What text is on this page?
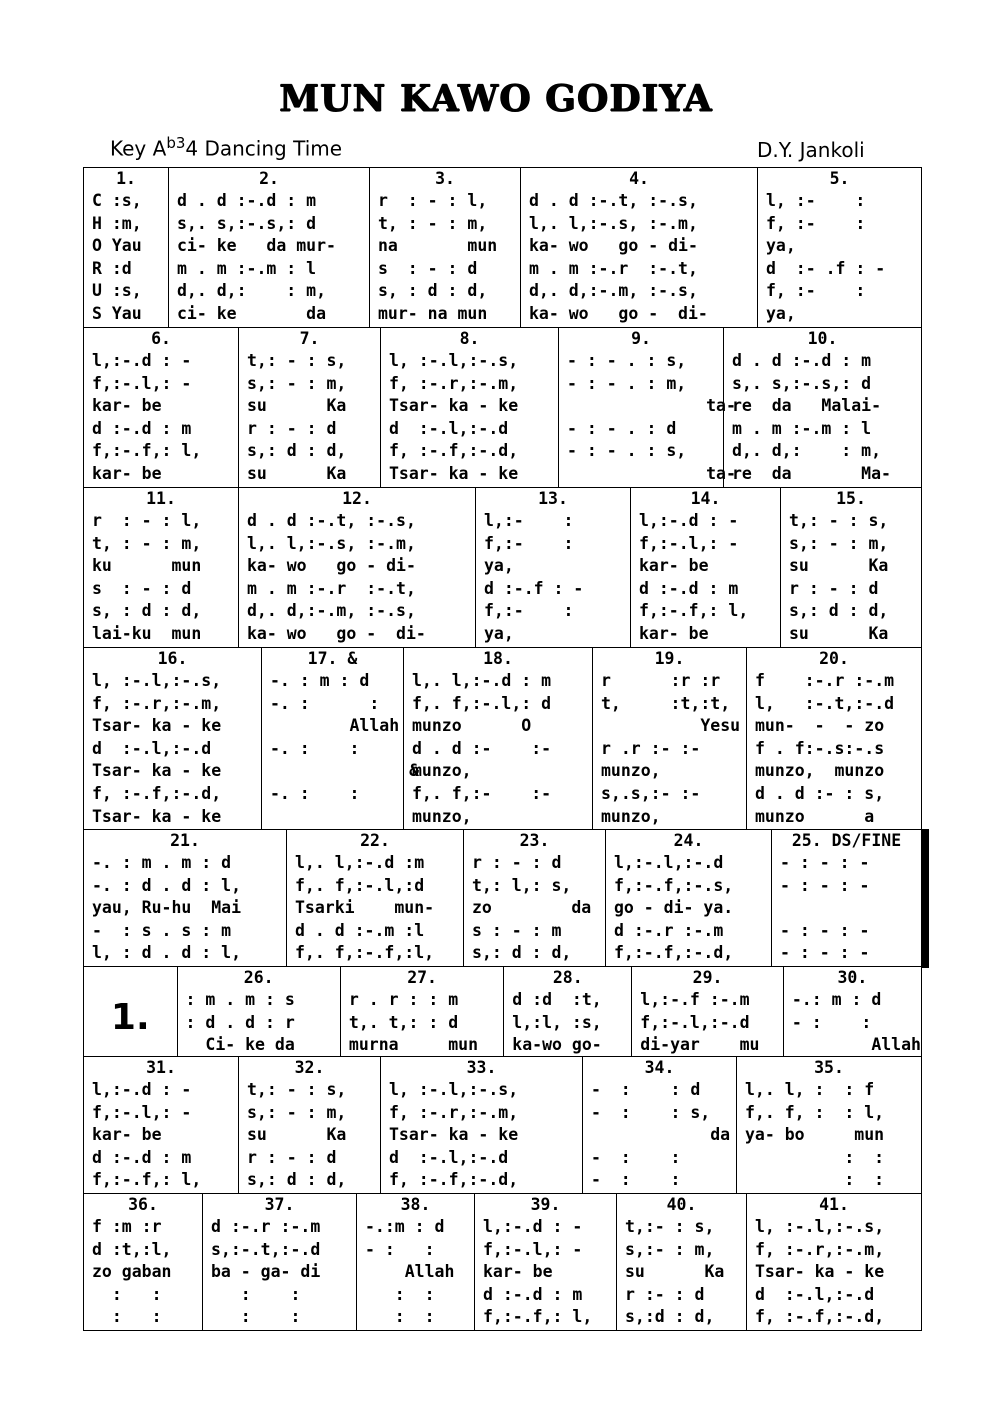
MUN KAWO GODIYA
Key $A^{b3}4$ Dancing Time	D.Y. Jankoli
1.
C :s,
H :m,
O Yau
R :d
U :s,
S Yau
2.
d . d :-.d : m
s,. s,:-.s,: d
ci- ke   da mur-
m . m :-.m : l
d,. d,:    : m,
ci- ke       da
3.
r  : - : l,
t, : - : m,
na       mun
s  : - : d
s, : d : d,
mur- na mun
4.
d . d :-.t, :-.s,
l,. l,:-.s, :-.m,
ka- wo   go - di-
m . m :-.r  :-.t,
d,. d,:-.m, :-.s,
ka- wo   go -  di-
5.
l, :-    :
f, :-    :
ya,
d  :- .f : -
f, :-    :
ya,
6.
l,:-.d : -
f,:-.l,: -
kar- be
d :-.d : m
f,:-.f,: l,
kar- be
7.
t,: - : s,
s,: - : m,
su      Ka
r : - : d
s,: d : d,
su      Ka
8.
l, :-.l,:-.s,
f, :-.r,:-.m,
Tsar- ka - ke
d  :-.l,:-.d
f, :-.f,:-.d,
Tsar- ka - ke
9.
- : - . : s,
- : - . : m,
ta-
- : - . : d
- : - . : s,
ta-
10.
d . d :-.d : m
s,. s,:-.s,: d
re  da   Malai-
m . m :-.m : l
d,. d,:    : m,
re  da       Ma-
11.
r  : - : l,
t, : - : m,
ku      mun
s  : - : d
s, : d : d,
lai-ku  mun
12.
d . d :-.t, :-.s,
l,. l,:-.s, :-.m,
ka- wo   go - di-
m . m :-.r  :-.t,
d,. d,:-.m, :-.s,
ka- wo   go -  di-
13.
l,:-    :
f,:-    :
ya,
d :-.f : -
f,:-    :
ya,
14.
l,:-.d : -
f,:-.l,: -
kar- be
d :-.d : m
f,:-.f,: l,
kar- be
15.
t,: - : s,
s,: - : m,
su      Ka
r : - : d
s,: d : d,
su      Ka
16.
l, :-.l,:-.s,
f, :-.r,:-.m,
Tsar- ka - ke
d  :-.l,:-.d
Tsar- ka - ke
f, :-.f,:-.d,
Tsar- ka - ke
17. &
-. : m : d
-. :      :
Allah
-. :    :
&
-. :    :
18.
l,. l,:-.d : m
f,. f,:-.l,: d
munzo      O
d . d :-    :-
munzo,
f,. f,:-    :-
munzo,
19.
r      :r :r
t,     :t,:t,
Yesu
r .r :- :-
munzo,
s,.s,:- :-
munzo,
20.
f    :-.r :-.m
l,   :-.t,:-.d
mun-  -  - zo
f . f:-.s:-.s
munzo,  munzo
d . d :- : s,
munzo      a
21.
-. : m . m : d
-. : d . d : l,
yau, Ru-hu  Mai
-  : s . s : m
l, : d . d : l,
22.
l,. l,:-.d :m
f,. f,:-.l,:d
Tsarki    mun-
d . d :-.m :l
f,. f,:-.f,:l,
23.
r : - : d
t,: l,: s,
zo        da
s : - : m
s,: d : d,
24.
l,:-.l,:-.d
f,:-.f,:-.s,
go - di- ya.
d :-.r :-.m
f,:-.f,:-.d,
25. DS/FINE
- : - : -
- : - : -
- : - : -
- : - : -
1.
26.
: m . m : s
: d . d : r
Ci- ke da
27.
r . r : : m
t,. t,: : d
murna     mun
28.
d :d  :t,
l,:l, :s,
ka-wo go-
29.
l,:-.f :-.m
f,:-.l,:-.d
di-yar    mu
30.
-.: m : d
- :    :
Allah
31.
l,:-.d : -
f,:-.l,: -
kar- be
d :-.d : m
f,:-.f,: l,
32.
t,: - : s,
s,: - : m,
su      Ka
r : - : d
s,: d : d,
33.
l, :-.l,:-.s,
f, :-.r,:-.m,
Tsar- ka - ke
d  :-.l,:-.d
f, :-.f,:-.d,
34.
-  :    : d
-  :    : s,
da
-  :    :
-  :    :
35.
l,. l, :  : f
f,. f, :  : l,
ya- bo     mun
:  :
:  :
36.
f :m :r
d :t,:l,
zo gaban
:   :
:   :
37.
d :-.r :-.m
s,:-.t,:-.d
ba - ga- di
:    :
:    :
38.
-.:m : d
- :   :
Allah
:  :
:  :
39.
l,:-.d : -
f,:-.l,: -
kar- be
d :-.d : m
f,:-.f,: l,
40.
t,:- : s,
s,:- : m,
su      Ka
r :- : d
s,:d : d,
41.
l, :-.l,:-.s,
f, :-.r,:-.m,
Tsar- ka - ke
d  :-.l,:-.d
f, :-.f,:-.d,
